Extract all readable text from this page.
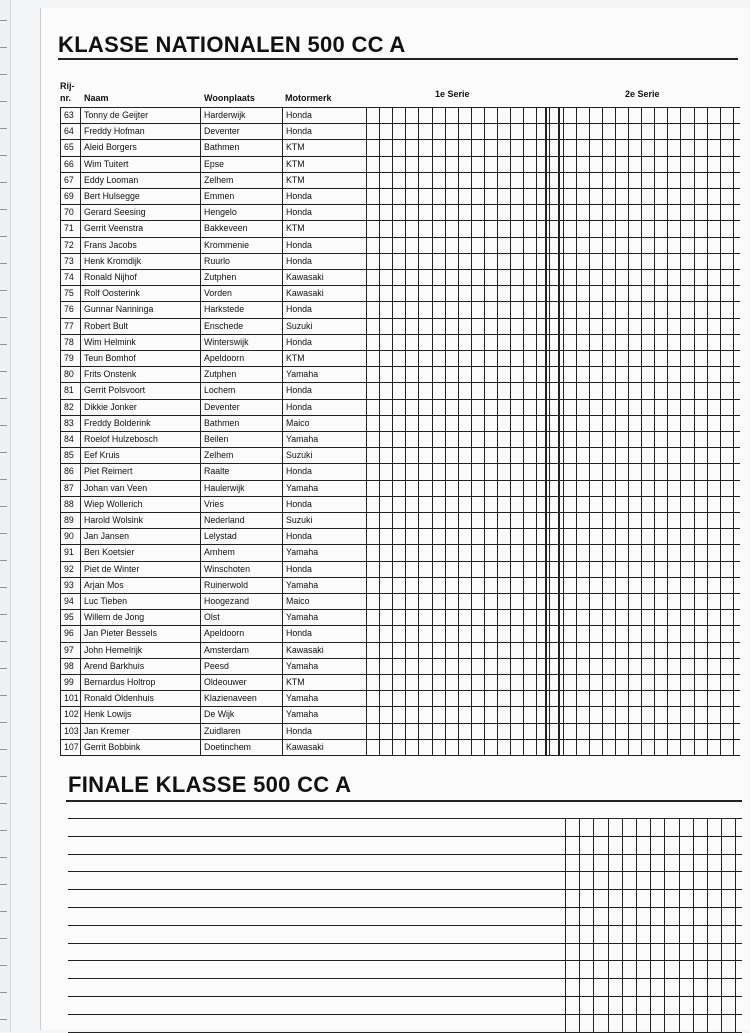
KLASSE NATIONALEN 500 CC A
Rij-
nr. Naam	Woonplaats	Motormerk	1e Serie	2e Serie
63 Tonny de Geijter	Harderwijk	Honda
64 Freddy Hofman	Deventer	Honda
65 Aleid Borgers	Bathmen	KTM
66 Wim Tuitert	Epse	KTM
67 Eddy Looman	Zelhem	KTM
69 Bert Hulsegge	Emmen	Honda
70 Gerard Seesing	Hengelo	Honda
71 Gerrit Veenstra	Bakkeveen	KTM
72 Frans Jacobs	Krommenie	Honda
73 Henk Kromdijk	Ruurlo	Honda
74 Ronald Nijhof	Zutphen	Kawasaki
75 Rolf Oosterink	Vorden	Kawasaki
76 Gunnar Nanninga	Harkstede	Honda
77 Robert Bult	Enschede	Suzuki
78 Wim Helmink	Winterswijk	Honda
79 Teun Bomhof	Apeldoorn	KTM
80 Frits Onstenk	Zutphen	Yamaha
81 Gerrit Polsvoort	Lochem	Honda
82 Dikkie Jonker	Deventer	Honda
83 Freddy Bolderink	Bathmen	Maico
84 Roelof Hulzebosch	Beilen	Yamaha
85 Eef Kruis	Zelhem	Suzuki
86 Piet Reimert	Raalte	Honda
87 Johan van Veen	Haulerwijk	Yamaha
88 Wiep Wollerich	Vries	Honda
89 Harold Wolsink	Nederland	Suzuki
90 Jan Jansen	Lelystad	Honda
91 Ben Koetsier	Arnhem	Yamaha
92 Piet de Winter	Winschoten	Honda
93 Arjan Mos	Ruinerwold	Yamaha
94 Luc Tieben	Hoogezand	Maico
95 Willem de Jong	Olst	Yamaha
96 Jan Pieter Bessels	Apeldoorn	Honda
97 John Hemelrijk	Amsterdam	Kawasaki
98 Arend Barkhuis	Peesd	Yamaha
99 Bernardus Holtrop	Oldeouwer	KTM
101 Ronald Oldenhuis	Klazienaveen	Yamaha
102 Henk Lowijs	De Wijk	Yamaha
103 Jan Kremer	Zuidlaren	Honda
107 Gerrit Bobbink	Doetinchem	Kawasaki
FINALE KLASSE 500 CC A
